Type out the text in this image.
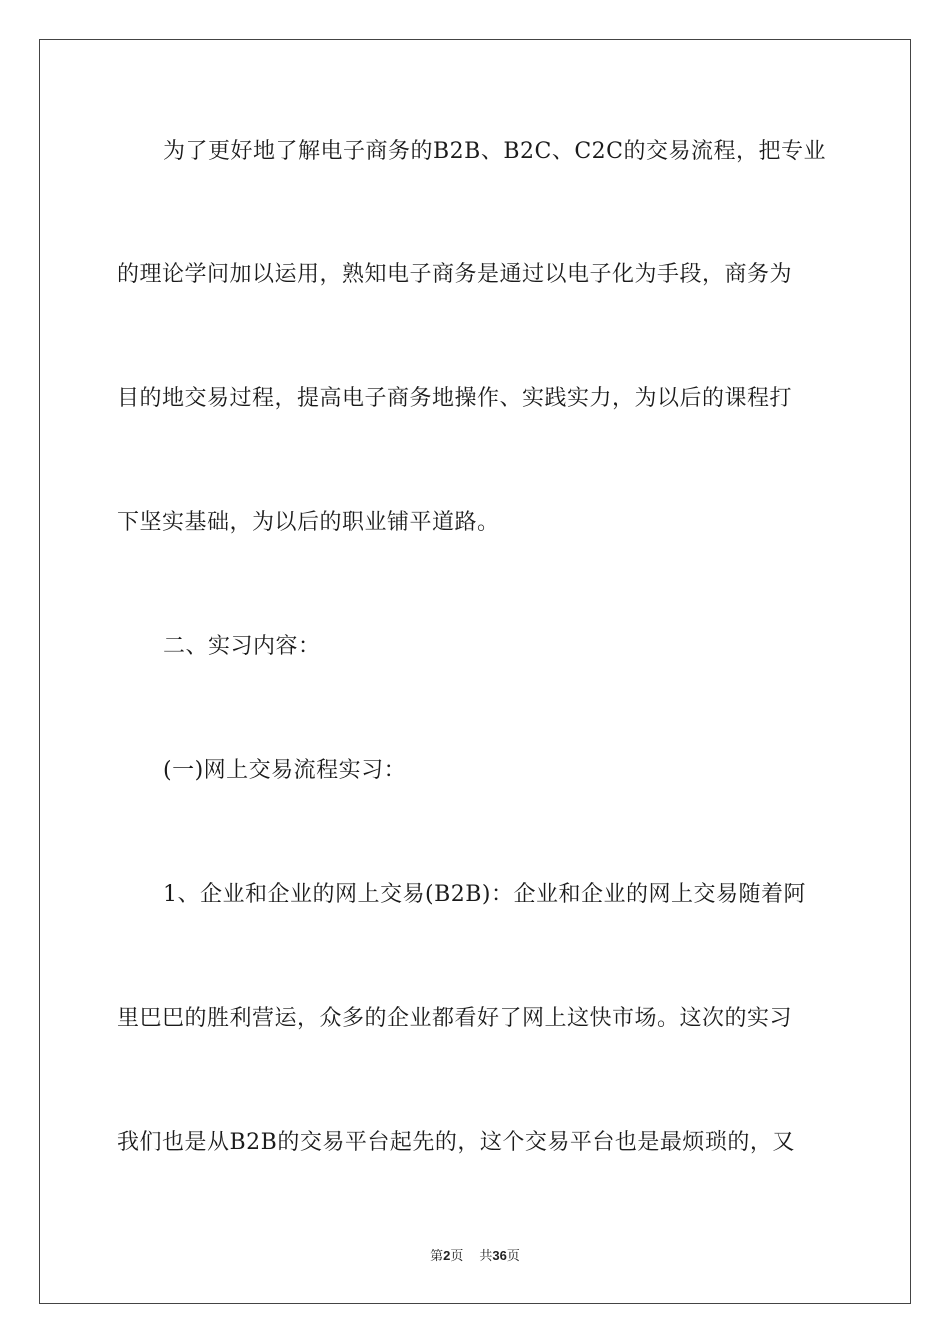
为了更好地了解电子商务的B2B、B2C、C2C的交易流程，把专业
的理论学问加以运用，熟知电子商务是通过以电子化为手段，商务为
目的地交易过程，提高电子商务地操作、实践实力，为以后的课程打
下坚实基础，为以后的职业铺平道路。
二、实习内容：
(一)网上交易流程实习：
1、企业和企业的网上交易(B2B)：企业和企业的网上交易随着阿
里巴巴的胜利营运，众多的企业都看好了网上这快市场。这次的实习
我们也是从B2B的交易平台起先的，这个交易平台也是最烦琐的，又
第2页 共36页
